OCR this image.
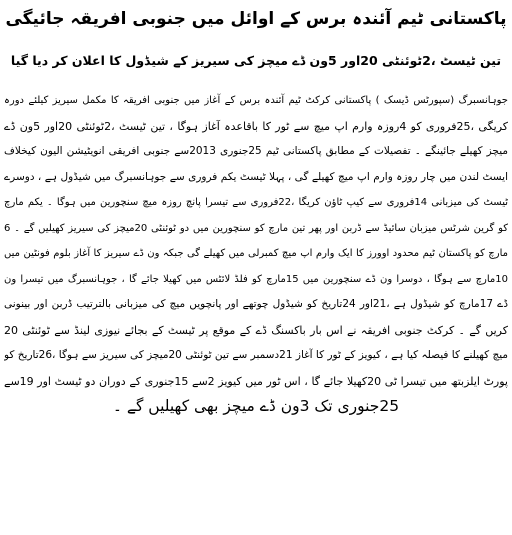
پاکستانی ٹیم آئندہ برس کے اوائل میں جنوبی افریقہ جائیگی
تین ٹیسٹ ،2ٹوئنٹی 20اور 5ون ڈے میچز کی سیریز کے شیڈول کا اعلان کر دیا گیا
جوہانسبرگ (سپورٹس ڈیسک ) پاکستانی کرکٹ ٹیم آئندہ برس کے آغاز میں جنوبی افریقہ کا مکمل سیریز کیلئے دورہ
کریگی ،25فروری کو 4روزہ وارم اپ میچ سے ٹور کا باقاعدہ آغاز ہوگا ، تین ٹیسٹ ،2ٹوئنٹی 20اور 5ون ڈے
میچز کھیلے جائینگے ۔ تفصیلات کے مطابق پاکستانی ٹیم 25جنوری 2013سے جنوبی افریقی انویٹیشن الیون کیخلاف
ایسٹ لندن میں چار روزہ وارم اپ میچ کھیلے گی ، پہلا ٹیسٹ یکم فروری سے جوہانسبرگ میں شیڈول ہے ، دوسرے
ٹیسٹ کی میزبانی 14فروری سے کیپ ٹاؤن کریگا ،22فروری سے تیسرا پانچ روزہ میچ سنچورین میں ہوگا ۔ یکم مارچ
کو گرین شرٹس میزبان سائیڈ سے ڈربن اور پھر تین مارچ کو سنچورین میں دو ٹوئنٹی 20میچز کی سیریز کھیلیں گے ۔ 6
مارچ کو پاکستان ٹیم محدود اوورز کا ایک وارم اپ میچ کمبرلی میں کھیلے گی جبکہ ون ڈے سیریز کا آغاز بلوم فونٹین میں
10مارچ سے ہوگا ، دوسرا ون ڈے سنچورین میں 15مارچ کو فلڈ لائٹس میں کھیلا جائے گا ، جوہانسبرگ میں تیسرا ون
ڈے 17مارچ کو شیڈول ہے ،21اور 24تاریخ کو شیڈول چوتھے اور پانچویں میچ کی میزبانی بالترتیب ڈربن اور بینونی
کریں گے ۔ کرکٹ جنوبی افریقہ نے اس بار باکسنگ ڈے کے موقع پر ٹیسٹ کے بجائے نیوزی لینڈ سے ٹوئنٹی 20
میچ کھیلنے کا فیصلہ کیا ہے ، کیویز کے ٹور کا آغاز 21دسمبر سے تین ٹوئنٹی 20میچز کی سیریز سے ہوگا ،26تاریخ کو
پورٹ ایلزبتھ میں تیسرا ٹی 20کھیلا جائے گا ، اس ٹور میں کیویز 2سے 15جنوری کے دوران دو ٹیسٹ اور 19سے
25جنوری تک 3ون ڈے میچز بھی کھیلیں گے ۔
